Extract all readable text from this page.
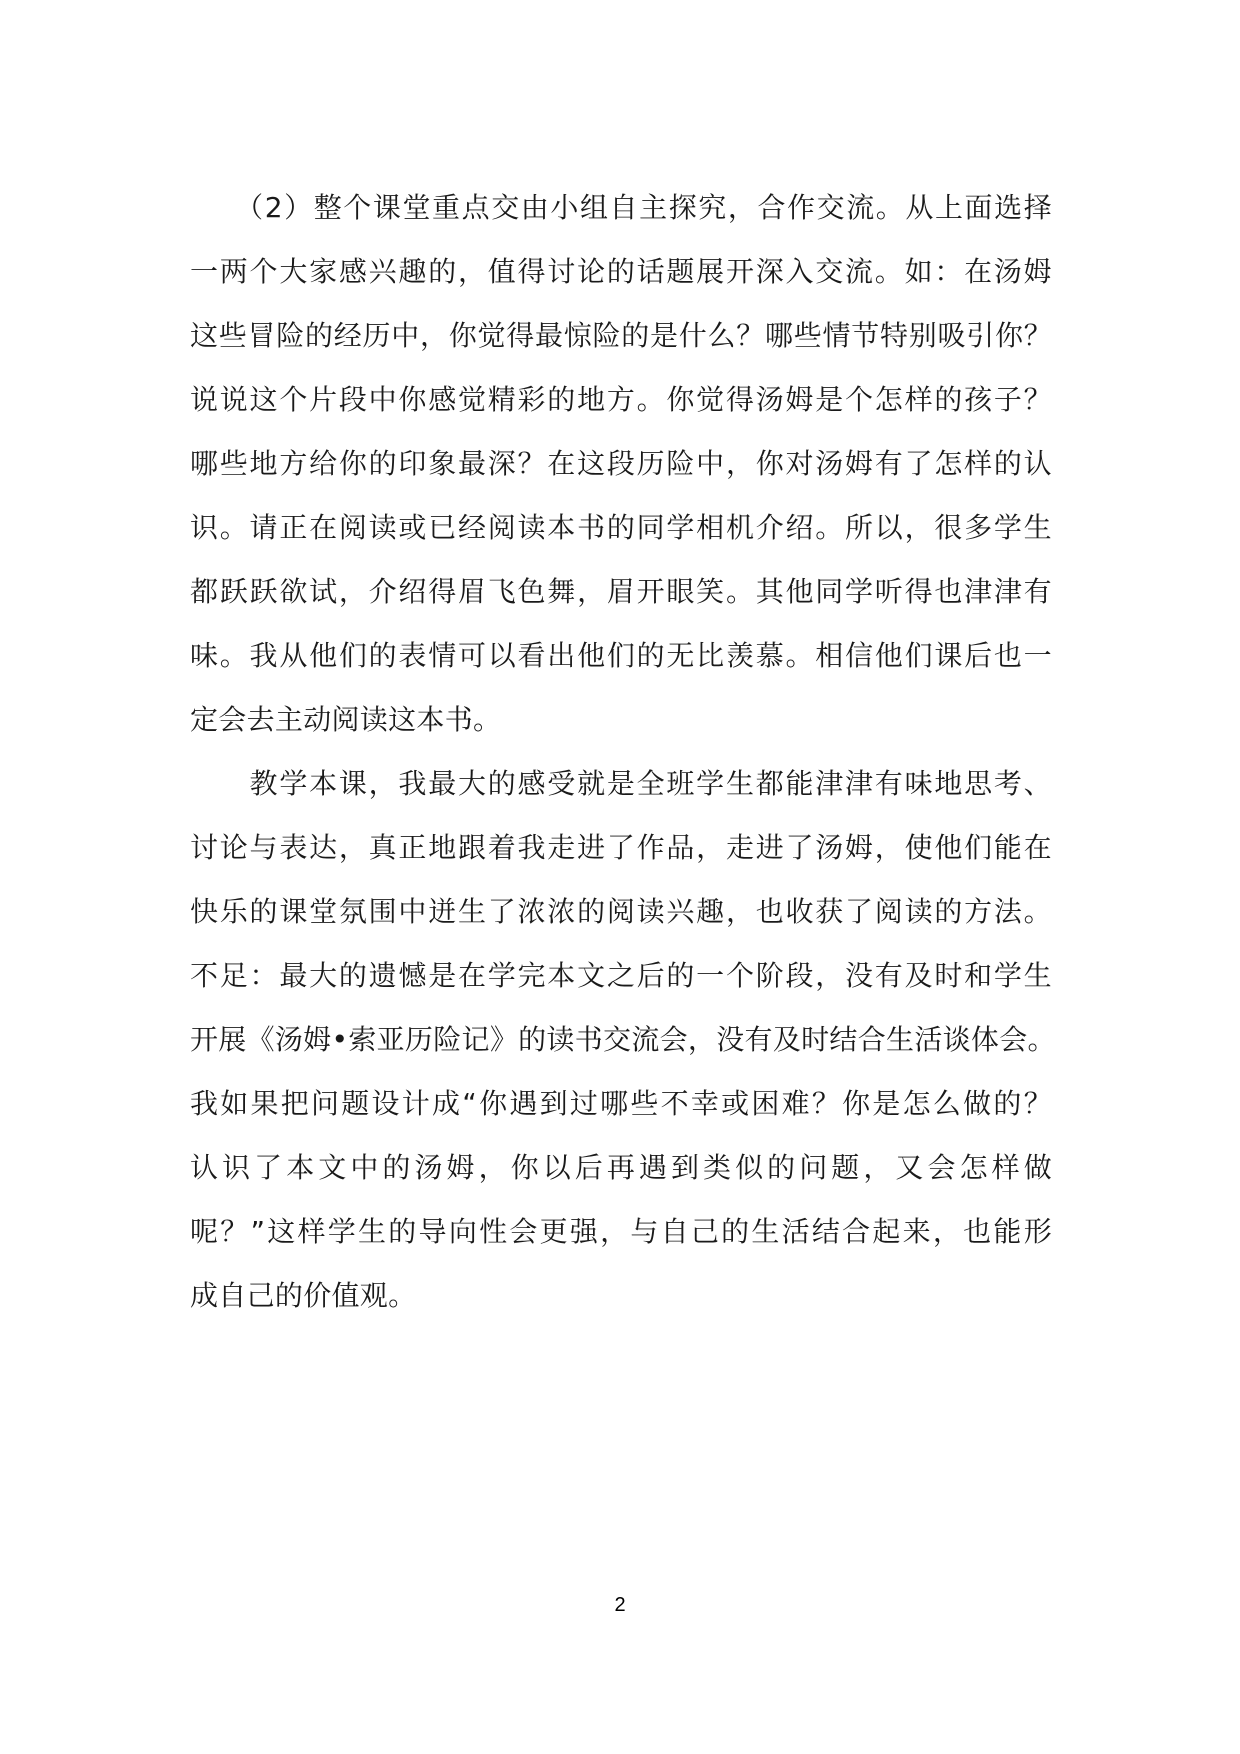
　　（2）整个课堂重点交由小组自主探究，合作交流。从上面选择
一两个大家感兴趣的，值得讨论的话题展开深入交流。如：在汤姆
这些冒险的经历中，你觉得最惊险的是什么？哪些情节特别吸引你？
说说这个片段中你感觉精彩的地方。你觉得汤姆是个怎样的孩子？
哪些地方给你的印象最深？在这段历险中，你对汤姆有了怎样的认
识。请正在阅读或已经阅读本书的同学相机介绍。所以，很多学生
都跃跃欲试，介绍得眉飞色舞，眉开眼笑。其他同学听得也津津有
味。我从他们的表情可以看出他们的无比羡慕。相信他们课后也一
定会去主动阅读这本书。
　　教学本课，我最大的感受就是全班学生都能津津有味地思考、
讨论与表达，真正地跟着我走进了作品，走进了汤姆，使他们能在
快乐的课堂氛围中迸生了浓浓的阅读兴趣，也收获了阅读的方法。
不足：最大的遗憾是在学完本文之后的一个阶段，没有及时和学生
开展《汤姆•索亚历险记》的读书交流会，没有及时结合生活谈体会。
我如果把问题设计成“你遇到过哪些不幸或困难？你是怎么做的？
认识了本文中的汤姆，你以后再遇到类似的问题，又会怎样做
呢？”这样学生的导向性会更强，与自己的生活结合起来，也能形
成自己的价值观。
2
